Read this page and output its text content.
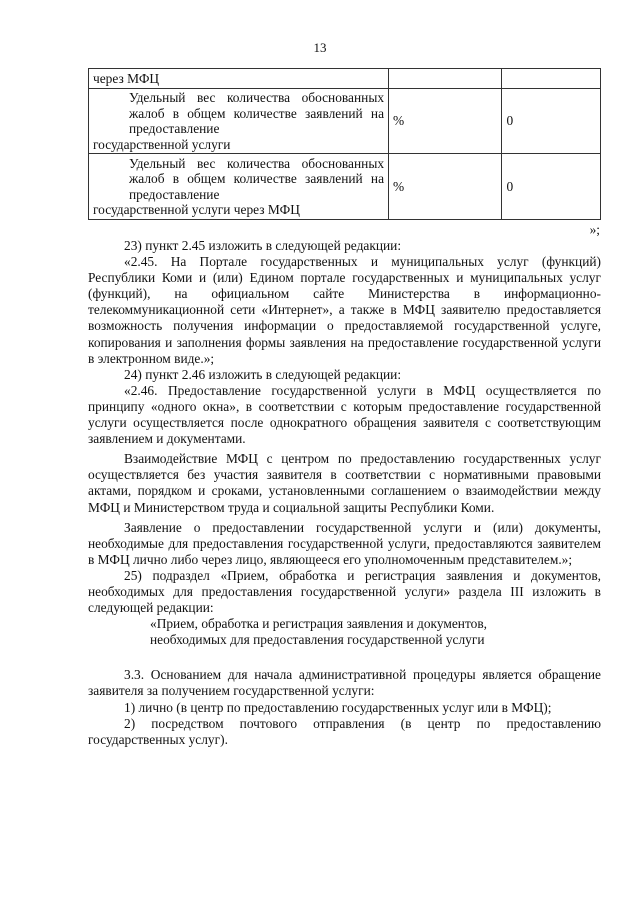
13
через МФЦ		

Удельный вес количества обоснованных жалоб в общем количестве заявлений на предоставление
государственной услуги	%	0

Удельный вес количества обоснованных жалоб в общем количестве заявлений на предоставление
государственной услуги через МФЦ	%	0
»;

23) пункт 2.45 изложить в следующей редакции:

«2.45. На Портале государственных и муниципальных услуг (функций) Республики Коми и (или) Едином портале государственных и муниципальных услуг (функций), на официальном сайте Министерства в информационно-телекоммуникационной сети «Интернет», а также в МФЦ заявителю предоставляется возможность получения информации о предоставляемой государственной услуге, копирования и заполнения формы заявления на предоставление государственной услуги в электронном виде.»;

24) пункт 2.46 изложить в следующей редакции:

«2.46. Предоставление государственной услуги в МФЦ осуществляется по принципу «одного окна», в соответствии с которым предоставление государственной услуги осуществляется после однократного обращения заявителя с соответствующим заявлением и документами.

Взаимодействие МФЦ с центром по предоставлению государственных услуг осуществляется без участия заявителя в соответствии с нормативными правовыми актами, порядком и сроками, установленными соглашением о взаимодействии между МФЦ и Министерством труда и социальной защиты Республики Коми.

Заявление о предоставлении государственной услуги и (или) документы, необходимые для предоставления государственной услуги, предоставляются заявителем в МФЦ лично либо через лицо, являющееся его уполномоченным представителем.»;

25) подраздел «Прием, обработка и регистрация заявления и документов, необходимых для предоставления государственной услуги» раздела III изложить в следующей редакции:

«Прием, обработка и регистрация заявления и документов,

необходимых для предоставления государственной услуги

3.3. Основанием для начала административной процедуры является обращение заявителя за получением государственной услуги:

1) лично (в центр по предоставлению государственных услуг или в МФЦ);

2) посредством почтового отправления (в центр по предоставлению государственных услуг).
